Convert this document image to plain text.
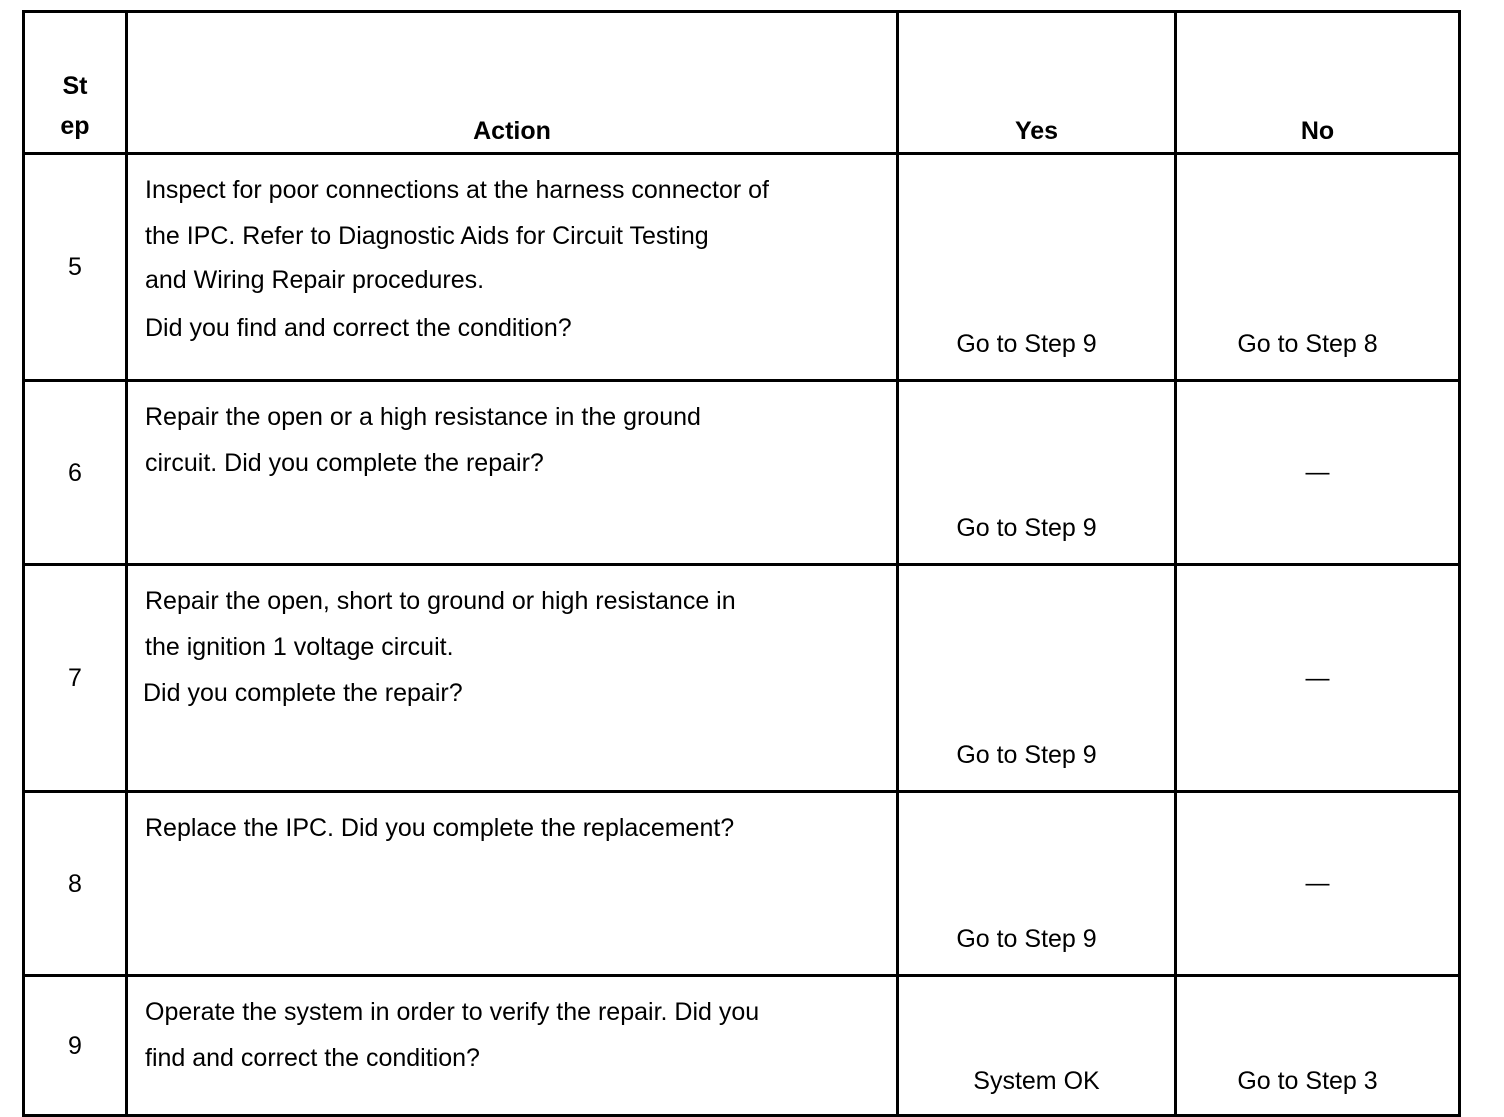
St
ep	Action	Yes	No
5	Inspect for poor connections at the harness connector of
the IPC. Refer to Diagnostic Aids for Circuit Testing
and Wiring Repair procedures.
Did you find and correct the condition?	Go to Step 9	Go to Step 8
6	Repair the open or a high resistance in the ground
circuit. Did you complete the repair?	Go to Step 9	—
7	Repair the open, short to ground or high resistance in
the ignition 1 voltage circuit.
Did you complete the repair?	Go to Step 9	—
8	Replace the IPC. Did you complete the replacement?	Go to Step 9	—
9	Operate the system in order to verify the repair. Did you
find and correct the condition?	System OK	Go to Step 3
